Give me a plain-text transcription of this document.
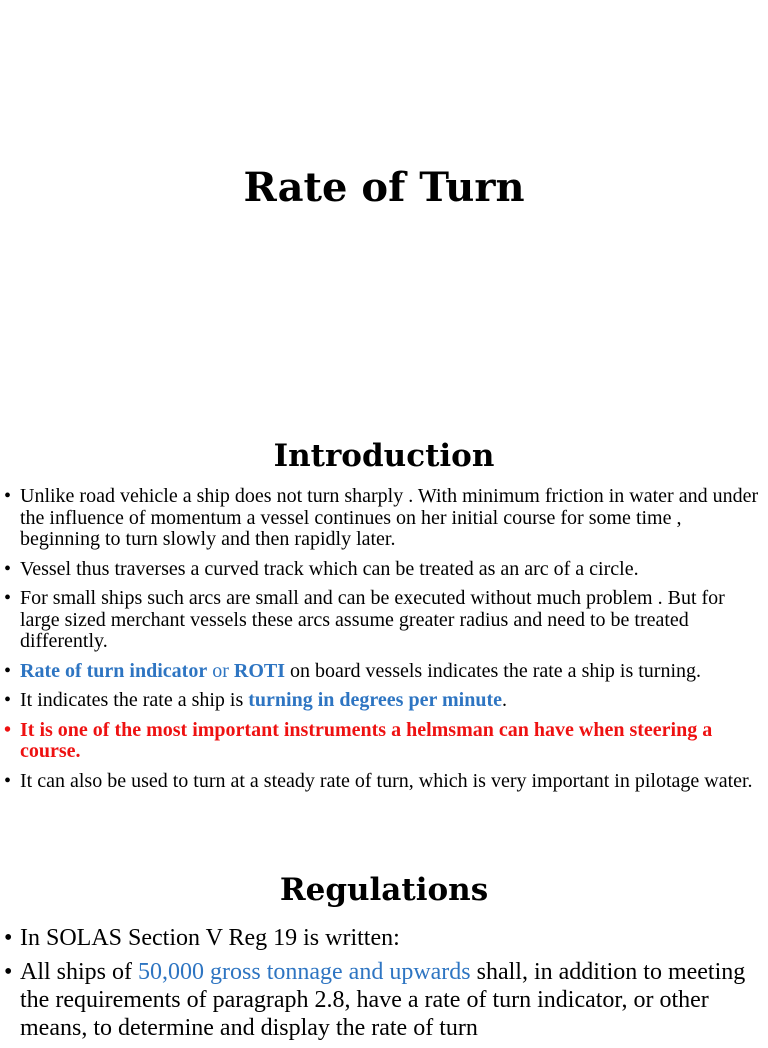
Rate of Turn
Introduction
• Unlike road vehicle a ship does not turn sharply . With minimum friction in water and under the influence of momentum a vessel continues on her initial course for some time , beginning to turn slowly and then rapidly later.
• Vessel thus traverses a curved track which can be treated as an arc of a circle.
• For small ships such arcs are small and can be executed without much problem . But for large sized merchant vessels these arcs assume greater radius and need to be treated differently.
• Rate of turn indicator or ROTI on board vessels indicates the rate a ship is turning.
• It indicates the rate a ship is turning in degrees per minute.
• It is one of the most important instruments a helmsman can have when steering a course.
• It can also be used to turn at a steady rate of turn, which is very important in pilotage water.
Regulations
• In SOLAS Section V Reg 19 is written:
• All ships of 50,000 gross tonnage and upwards shall, in addition to meeting the requirements of paragraph 2.8, have a rate of turn indicator, or other means, to determine and display the rate of turn
